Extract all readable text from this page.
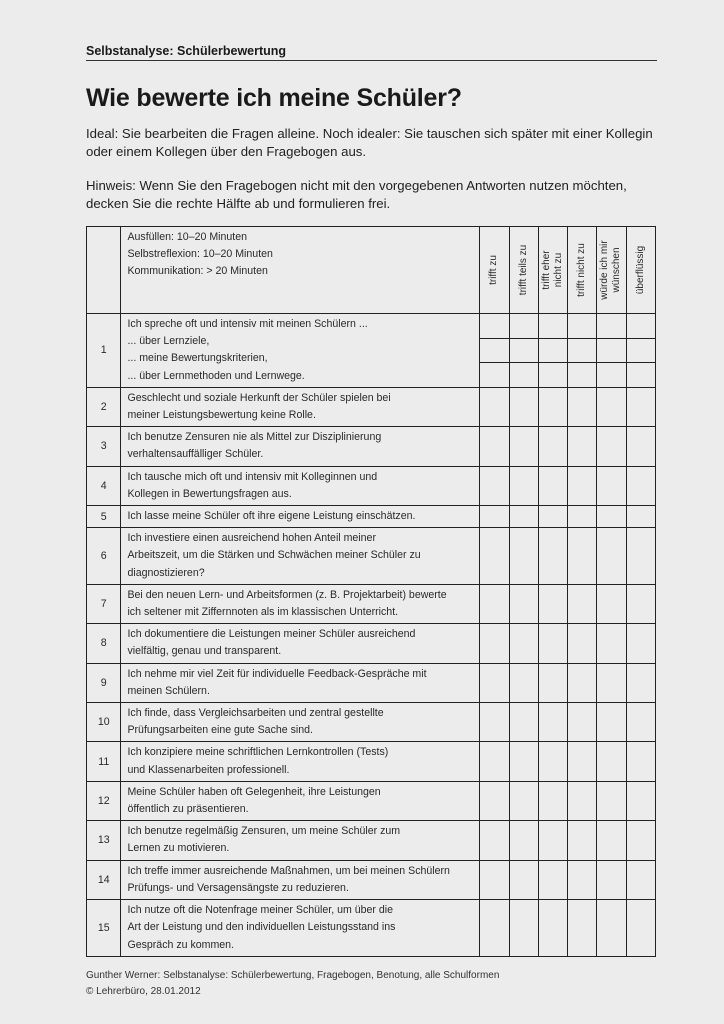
Selbstanalyse: Schülerbewertung
Wie bewerte ich meine Schüler?
Ideal: Sie bearbeiten die Fragen alleine. Noch idealer: Sie tauschen sich später mit einer Kollegin oder einem Kollegen über den Fragebogen aus.
Hinweis: Wenn Sie den Fragebogen nicht mit den vorgegebenen Antworten nutzen möchten, decken Sie die rechte Hälfte ab und formulieren frei.

	Ausfüllen: 10–20 Minuten
Selbstreflexion: 10–20 Minuten
Kommunikation: > 20 Minuten	trifft zu	trifft teils zu	trifft eher nicht zu	trifft nicht zu	würde ich mir wünschen	überflüssig

1	Ich spreche oft und intensiv mit meinen Schülern ...
... über Lernziele,
... meine Bewertungskriterien,
... über Lernmethoden und Lernwege.						

2	Geschlecht und soziale Herkunft der Schüler spielen bei
meiner Leistungsbewertung keine Rolle.						

3	Ich benutze Zensuren nie als Mittel zur Disziplinierung
verhaltensauffälliger Schüler.						

4	Ich tausche mich oft und intensiv mit Kolleginnen und
Kollegen in Bewertungsfragen aus.						

5	Ich lasse meine Schüler oft ihre eigene Leistung einschätzen.						

6	Ich investiere einen ausreichend hohen Anteil meiner
Arbeitszeit, um die Stärken und Schwächen meiner Schüler zu
diagnostizieren?						

7	Bei den neuen Lern- und Arbeitsformen (z. B. Projektarbeit) bewerte
ich seltener mit Ziffernnoten als im klassischen Unterricht.						

8	Ich dokumentiere die Leistungen meiner Schüler ausreichend
vielfältig, genau und transparent.						

9	Ich nehme mir viel Zeit für individuelle Feedback-Gespräche mit
meinen Schülern.						

10	Ich finde, dass Vergleichsarbeiten und zentral gestellte
Prüfungsarbeiten eine gute Sache sind.						

11	Ich konzipiere meine schriftlichen Lernkontrollen (Tests)
und Klassenarbeiten professionell.						

12	Meine Schüler haben oft Gelegenheit, ihre Leistungen
öffentlich zu präsentieren.						

13	Ich benutze regelmäßig Zensuren, um meine Schüler zum
Lernen zu motivieren.						

14	Ich treffe immer ausreichende Maßnahmen, um bei meinen Schülern
Prüfungs- und Versagensängste zu reduzieren.						

15	Ich nutze oft die Notenfrage meiner Schüler, um über die
Art der Leistung und den individuellen Leistungsstand ins
Gespräch zu kommen.						

Gunther Werner: Selbstanalyse: Schülerbewertung, Fragebogen, Benotung, alle Schulformen
© Lehrerbüro, 28.01.2012
